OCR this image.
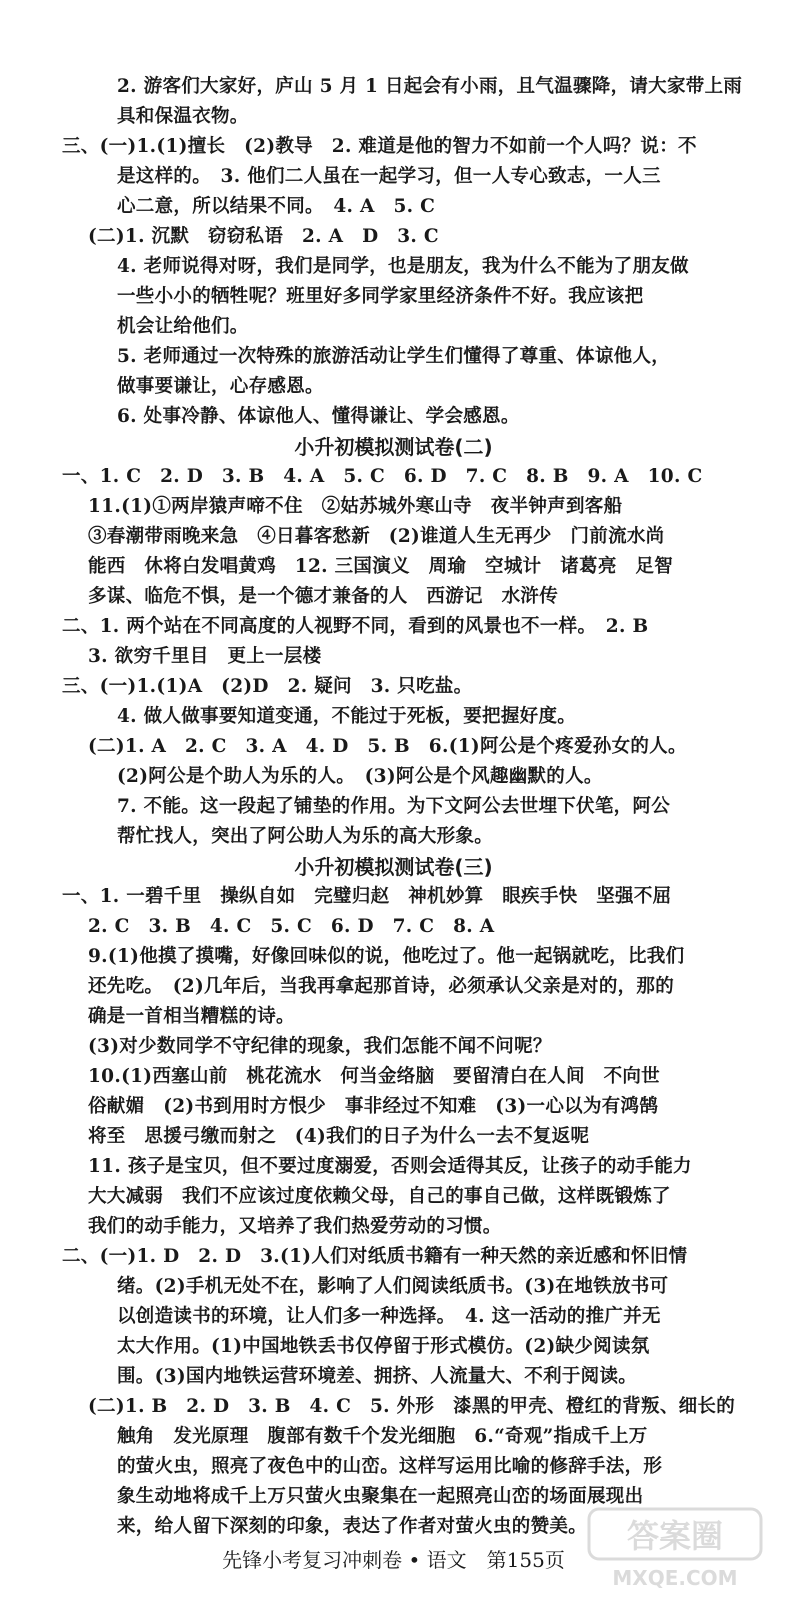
2. 游客们大家好，庐山 5 月 1 日起会有小雨，且气温骤降，请大家带上雨
具和保温衣物。
三、(一)1.(1)擅长　(2)教导　2. 难道是他的智力不如前一个人吗？说：不
是这样的。　3. 他们二人虽在一起学习，但一人专心致志，一人三
心二意，所以结果不同。　4. A　5. C
(二)1. 沉默　窃窃私语　2. A　D　3. C
4. 老师说得对呀，我们是同学，也是朋友，我为什么不能为了朋友做
一些小小的牺牲呢？班里好多同学家里经济条件不好。我应该把
机会让给他们。
5. 老师通过一次特殊的旅游活动让学生们懂得了尊重、体谅他人，
做事要谦让，心存感恩。
6. 处事冷静、体谅他人、懂得谦让、学会感恩。
小升初模拟测试卷(二)
一、1. C　2. D　3. B　4. A　5. C　6. D　7. C　8. B　9. A　10. C
11.(1)①两岸猿声啼不住　②姑苏城外寒山寺　夜半钟声到客船
③春潮带雨晚来急　④日暮客愁新　(2)谁道人生无再少　门前流水尚
能西　休将白发唱黄鸡　12. 三国演义　周瑜　空城计　诸葛亮　足智
多谋、临危不惧，是一个德才兼备的人　西游记　水浒传
二、1. 两个站在不同高度的人视野不同，看到的风景也不一样。　2. B
3. 欲穷千里目　更上一层楼
三、(一)1.(1)A　(2)D　2. 疑问　3. 只吃盐。
4. 做人做事要知道变通，不能过于死板，要把握好度。
(二)1. A　2. C　3. A　4. D　5. B　6.(1)阿公是个疼爱孙女的人。
(2)阿公是个助人为乐的人。　(3)阿公是个风趣幽默的人。
7. 不能。这一段起了铺垫的作用。为下文阿公去世埋下伏笔，阿公
帮忙找人，突出了阿公助人为乐的高大形象。
小升初模拟测试卷(三)
一、1. 一碧千里　操纵自如　完璧归赵　神机妙算　眼疾手快　坚强不屈
2. C　3. B　4. C　5. C　6. D　7. C　8. A
9.(1)他摸了摸嘴，好像回味似的说，他吃过了。他一起锅就吃，比我们
还先吃。　(2)几年后，当我再拿起那首诗，必须承认父亲是对的，那的
确是一首相当糟糕的诗。
(3)对少数同学不守纪律的现象，我们怎能不闻不问呢？
10.(1)西塞山前　桃花流水　何当金络脑　要留清白在人间　不向世
俗献媚　(2)书到用时方恨少　事非经过不知难　(3)一心以为有鸿鹄
将至　思援弓缴而射之　(4)我们的日子为什么一去不复返呢
11. 孩子是宝贝，但不要过度溺爱，否则会适得其反，让孩子的动手能力
大大减弱　我们不应该过度依赖父母，自己的事自己做，这样既锻炼了
我们的动手能力，又培养了我们热爱劳动的习惯。
二、(一)1. D　2. D　3.(1)人们对纸质书籍有一种天然的亲近感和怀旧情
绪。(2)手机无处不在，影响了人们阅读纸质书。(3)在地铁放书可
以创造读书的环境，让人们多一种选择。　4. 这一活动的推广并无
太大作用。(1)中国地铁丢书仅停留于形式模仿。(2)缺少阅读氛
围。(3)国内地铁运营环境差、拥挤、人流量大、不利于阅读。
(二)1. B　2. D　3. B　4. C　5. 外形　漆黑的甲壳、橙红的背叛、细长的
触角　发光原理　腹部有数千个发光细胞　6.“奇观”指成千上万
的萤火虫，照亮了夜色中的山峦。这样写运用比喻的修辞手法，形
象生动地将成千上万只萤火虫聚集在一起照亮山峦的场面展现出
来，给人留下深刻的印象，表达了作者对萤火虫的赞美。
先锋小考复习冲刺卷 • 语文　第155页
答案圈
MXQE.COM
